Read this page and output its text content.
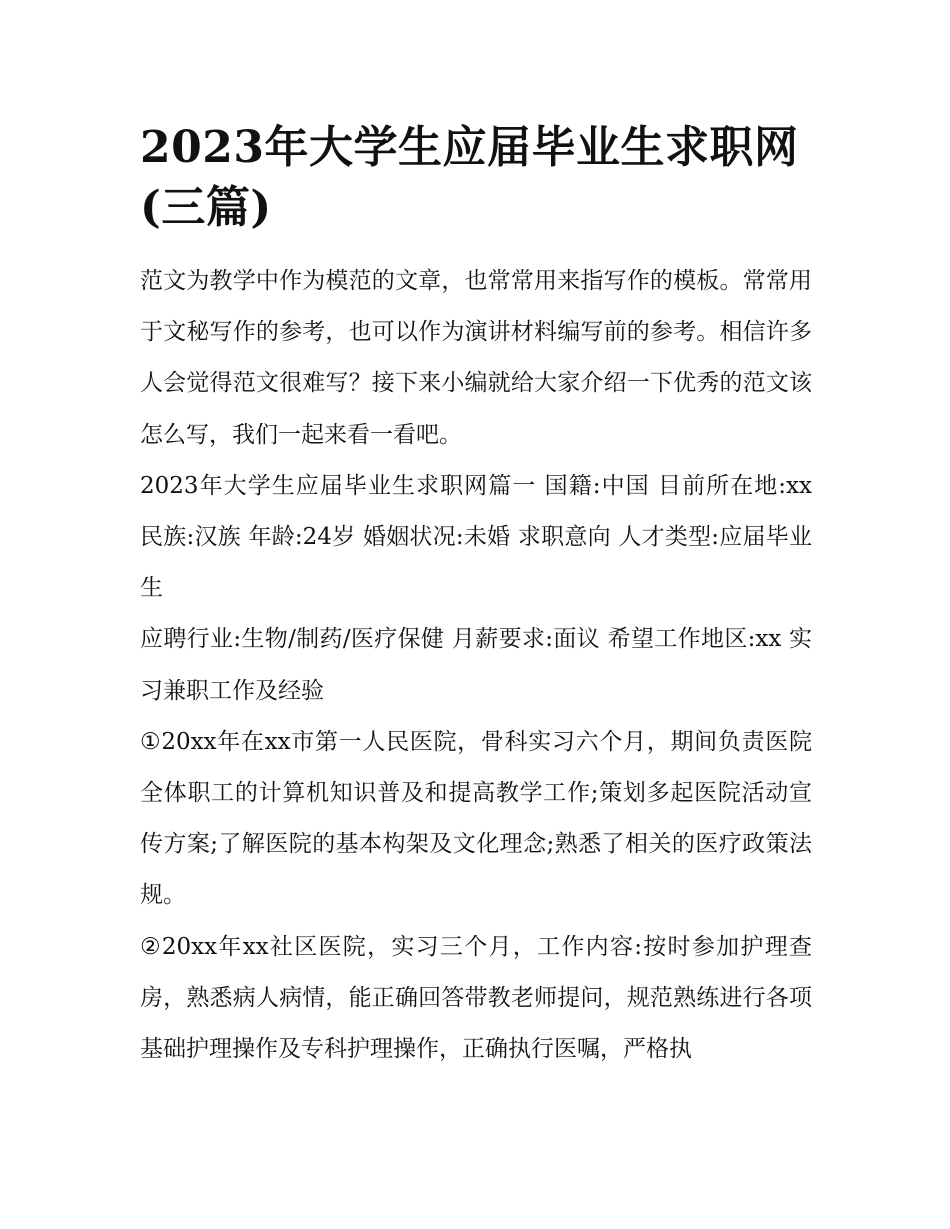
2023年大学生应届毕业生求职网(三篇)

范文为教学中作为模范的文章，也常常用来指写作的模板。常常用于文秘写作的参考，也可以作为演讲材料编写前的参考。相信许多人会觉得范文很难写？接下来小编就给大家介绍一下优秀的范文该怎么写，我们一起来看一看吧。

2023年大学生应届毕业生求职网篇一 国籍:中国 目前所在地:xx 民族:汉族 年龄:24岁 婚姻状况:未婚 求职意向 人才类型:应届毕业生

应聘行业:生物/制药/医疗保健 月薪要求:面议 希望工作地区:xx 实习兼职工作及经验

①20xx年在xx市第一人民医院，骨科实习六个月，期间负责医院全体职工的计算机知识普及和提高教学工作;策划多起医院活动宣传方案;了解医院的基本构架及文化理念;熟悉了相关的医疗政策法规。

②20xx年xx社区医院，实习三个月，工作内容:按时参加护理查房，熟悉病人病情，能正确回答带教老师提问，规范熟练进行各项基础护理操作及专科护理操作，正确执行医嘱，严格执
